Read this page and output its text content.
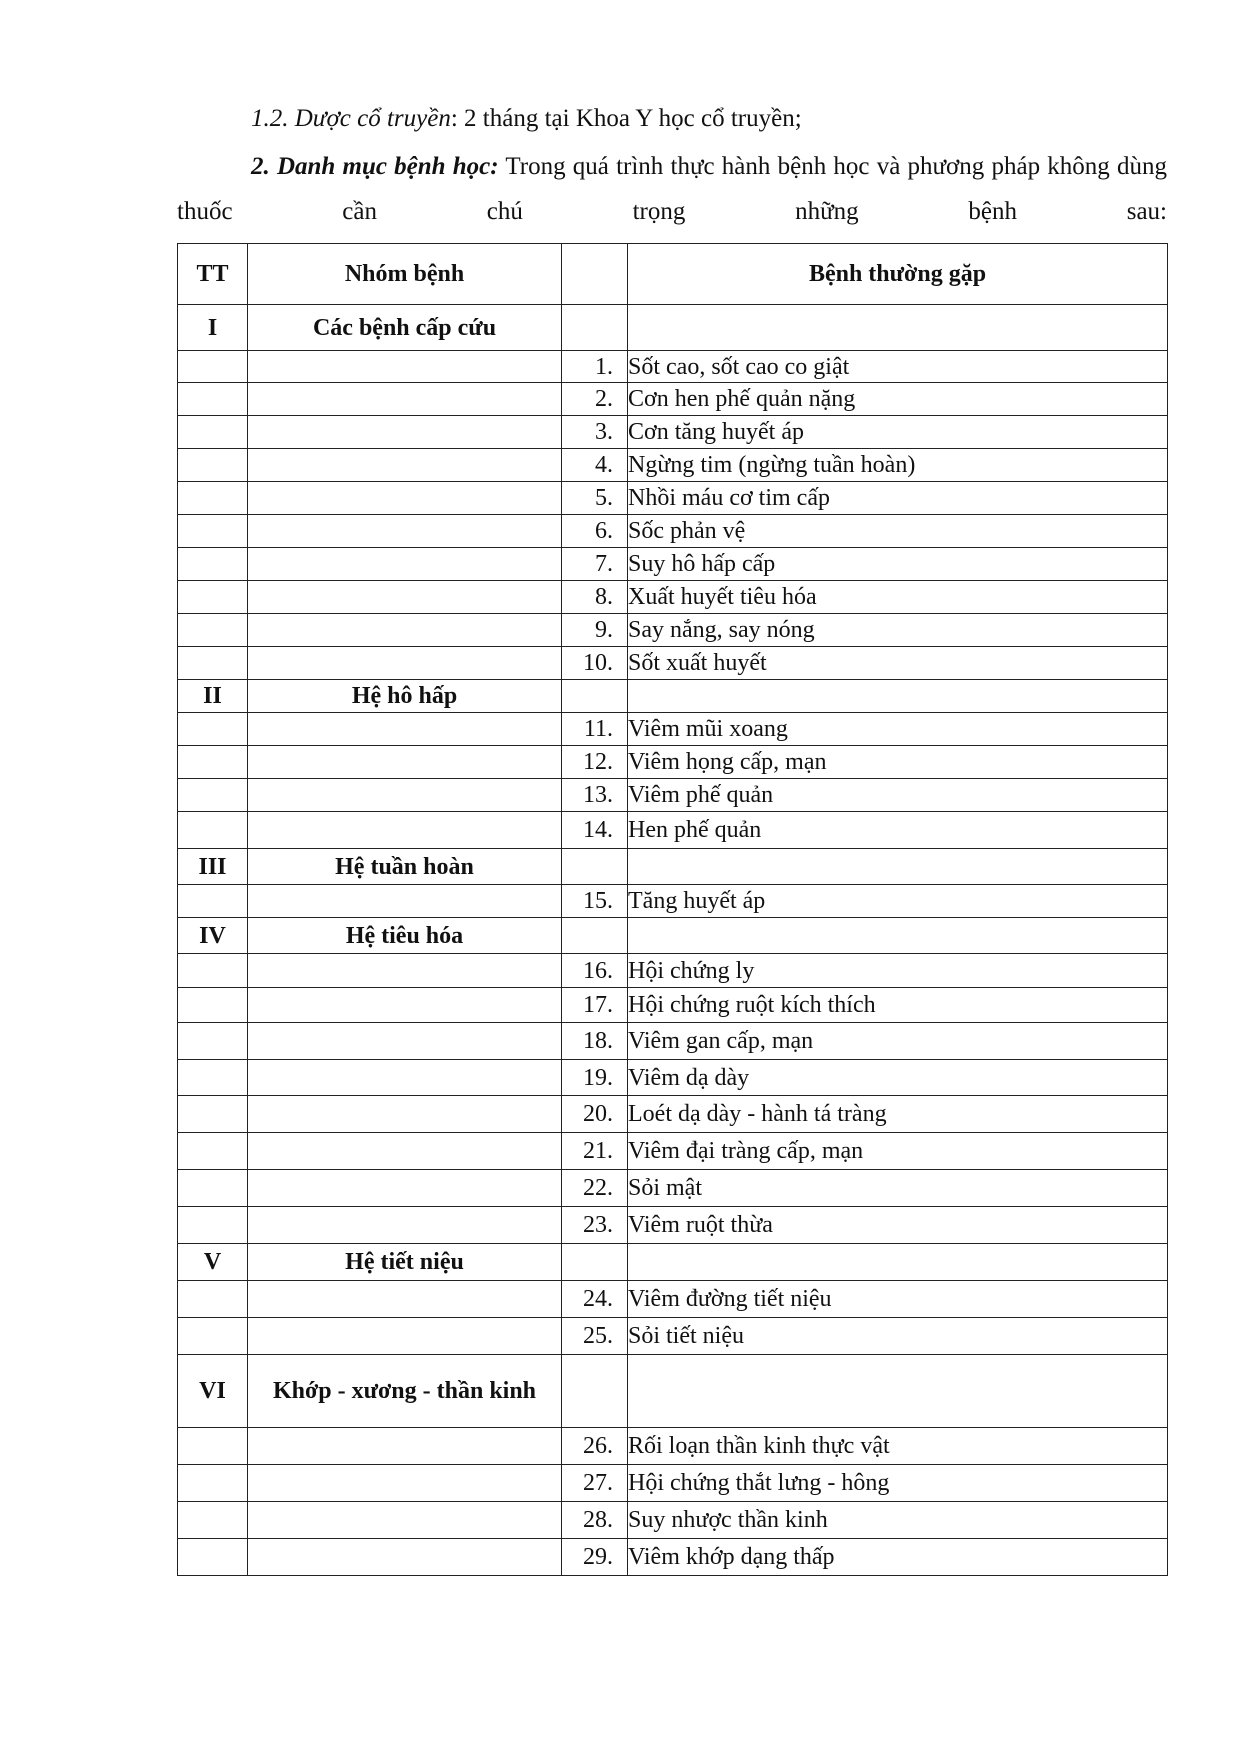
1.2. Dược cổ truyền: 2 tháng tại Khoa Y học cổ truyền;

2. Danh mục bệnh học: Trong quá trình thực hành bệnh học và phương pháp không dùng thuốc cần chú trọng những bệnh sau:

TT	Nhóm bệnh		Bệnh thường gặp
I	Các bệnh cấp cứu		
		1.	Sốt cao, sốt cao co giật
		2.	Cơn hen phế quản nặng
		3.	Cơn tăng huyết áp
		4.	Ngừng tim (ngừng tuần hoàn)
		5.	Nhồi máu cơ tim cấp
		6.	Sốc phản vệ
		7.	Suy hô hấp cấp
		8.	Xuất huyết tiêu hóa
		9.	Say nắng, say nóng
		10.	Sốt xuất huyết
II	Hệ hô hấp		
		11.	Viêm mũi xoang
		12.	Viêm họng cấp, mạn
		13.	Viêm phế quản
		14.	Hen phế quản
III	Hệ tuần hoàn		
		15.	Tăng huyết áp
IV	Hệ tiêu hóa		
		16.	Hội chứng ly
		17.	Hội chứng ruột kích thích
		18.	Viêm gan cấp, mạn
		19.	Viêm dạ dày
		20.	Loét dạ dày - hành tá tràng
		21.	Viêm đại tràng cấp, mạn
		22.	Sỏi mật
		23.	Viêm ruột thừa
V	Hệ tiết niệu		
		24.	Viêm đường tiết niệu
		25.	Sỏi tiết niệu
VI	Khớp - xương - thần kinh		
		26.	Rối loạn thần kinh thực vật
		27.	Hội chứng thắt lưng - hông
		28.	Suy nhược thần kinh
		29.	Viêm khớp dạng thấp
